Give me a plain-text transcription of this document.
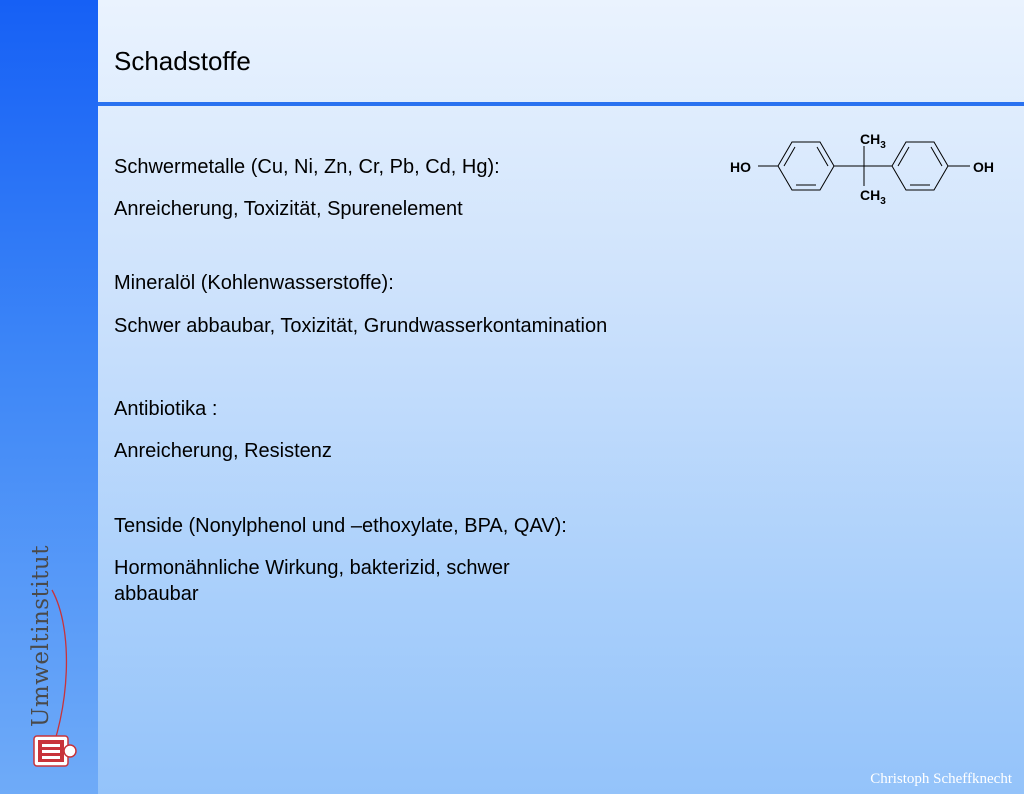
Schadstoffe

Schwermetalle (Cu, Ni, Zn, Cr, Pb, Cd, Hg):

Anreicherung, Toxizität, Spurenelement

Mineralöl (Kohlenwasserstoffe):

Schwer abbaubar, Toxizität, Grundwasserkontamination

Antibiotika :

Anreicherung, Resistenz

Tenside (Nonylphenol und –ethoxylate, BPA, QAV):

Hormonähnliche Wirkung, bakterizid, schwer abbaubar

HO	OH
$CH_3$
$CH_3$
Umweltinstitut
Christoph Scheffknecht
